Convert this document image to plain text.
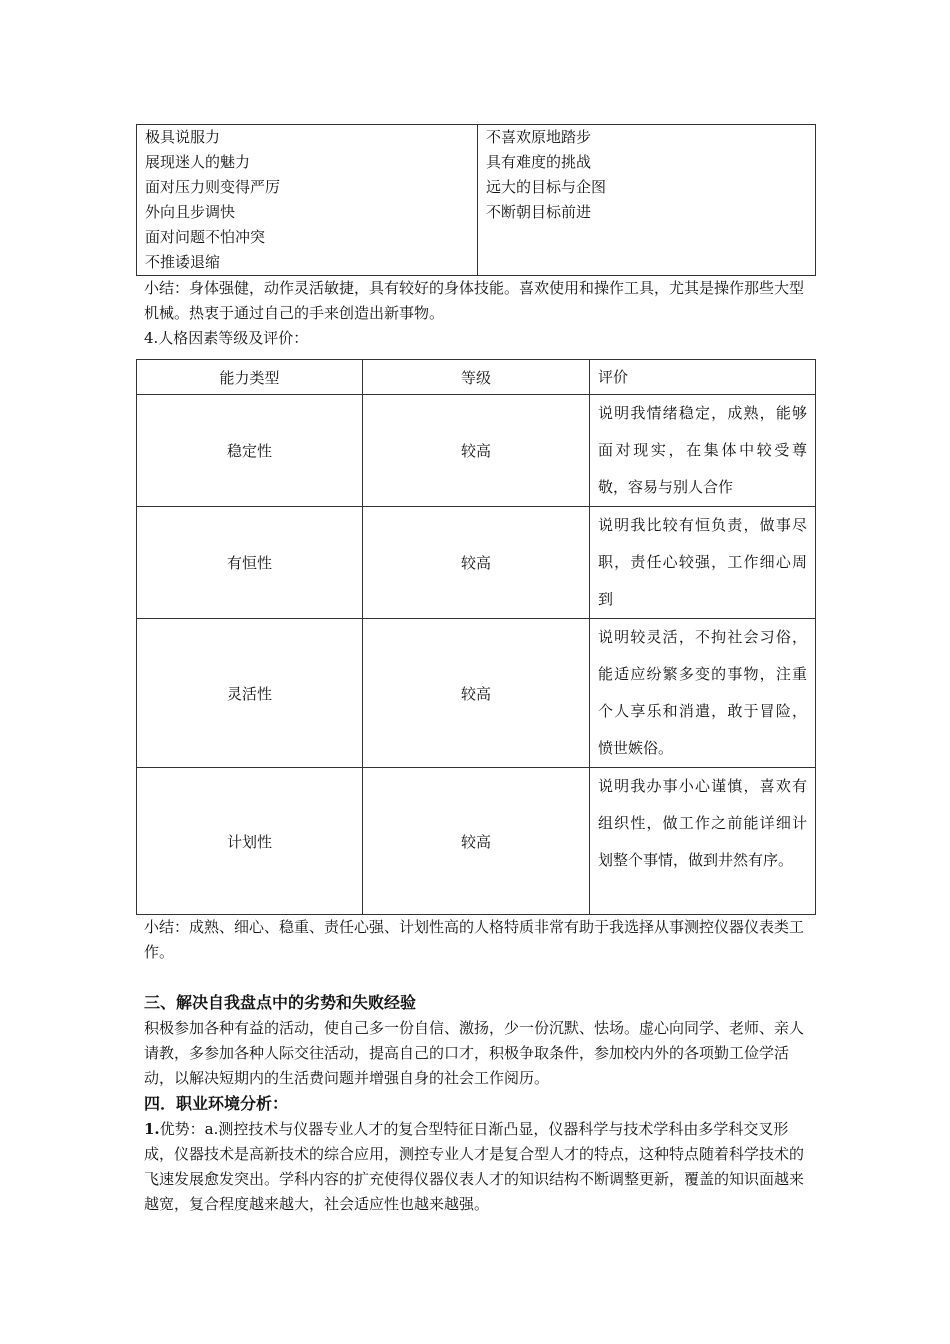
极具说服力
展现迷人的魅力
面对压力则变得严厉
外向且步调快
面对问题不怕冲突
不推诿退缩

不喜欢原地踏步
具有难度的挑战
远大的目标与企图
不断朝目标前进

小结：身体强健，动作灵活敏捷，具有较好的身体技能。喜欢使用和操作工具，尤其是操作那些大型机械。热衷于通过自己的手来创造出新事物。

4.人格因素等级及评价：

能力类型	等级	评价
稳定性	较高	说明我情绪稳定，成熟，能够面对现实，在集体中较受尊敬，容易与别人合作
有恒性	较高	说明我比较有恒负责，做事尽职，责任心较强，工作细心周到
灵活性	较高	说明较灵活，不拘社会习俗，能适应纷繁多变的事物，注重个人享乐和消遣，敢于冒险，愤世嫉俗。
计划性	较高	说明我办事小心谨慎，喜欢有组织性，做工作之前能详细计划整个事情，做到井然有序。

小结：成熟、细心、稳重、责任心强、计划性高的人格特质非常有助于我选择从事测控仪器仪表类工作。

三、解决自我盘点中的劣势和失败经验

积极参加各种有益的活动，使自己多一份自信、激扬，少一份沉默、怯场。虚心向同学、老师、亲人请教，多参加各种人际交往活动，提高自己的口才，积极争取条件，参加校内外的各项勤工俭学活动，以解决短期内的生活费问题并增强自身的社会工作阅历。

四．职业环境分析：

1.优势：a.测控技术与仪器专业人才的复合型特征日渐凸显，仪器科学与技术学科由多学科交叉形成，仪器技术是高新技术的综合应用，测控专业人才是复合型人才的特点，这种特点随着科学技术的飞速发展愈发突出。学科内容的扩充使得仪器仪表人才的知识结构不断调整更新，覆盖的知识面越来越宽，复合程度越来越大，社会适应性也越来越强。
